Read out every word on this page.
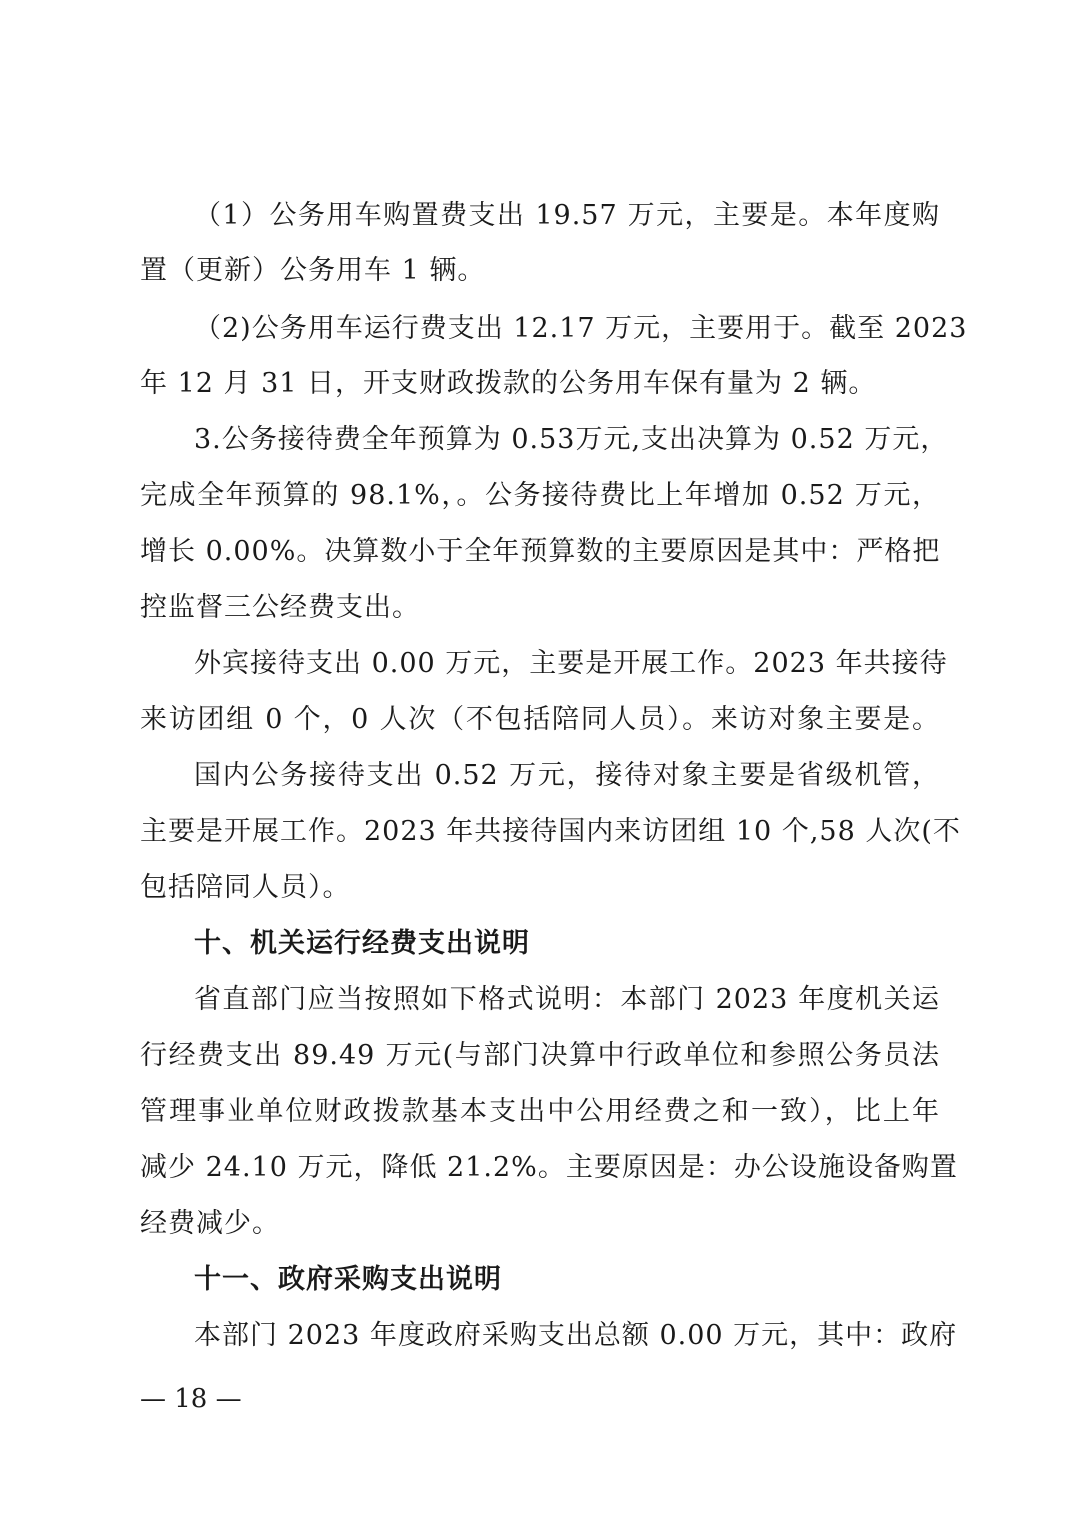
（1）公务用车购置费支出 19.57 万元，主要是。本年度购
置（更新）公务用车 1 辆。
（2)公务用车运行费支出 12.17 万元，主要用于。截至 2023
年 12 月 31 日，开支财政拨款的公务用车保有量为 2 辆。
3.公务接待费全年预算为 0.53万元,支出决算为 0.52 万元，
完成全年预算的 98.1%，。公务接待费比上年增加 0.52 万元，
增长 0.00%。决算数小于全年预算数的主要原因是其中：严格把
控监督三公经费支出。
外宾接待支出 0.00 万元，主要是开展工作。2023 年共接待
来访团组 0 个，0 人次（不包括陪同人员）。来访对象主要是。
国内公务接待支出 0.52 万元，接待对象主要是省级机管，
主要是开展工作。2023 年共接待国内来访团组 10 个,58 人次(不
包括陪同人员）。
十、机关运行经费支出说明
省直部门应当按照如下格式说明：本部门 2023 年度机关运
行经费支出 89.49 万元(与部门决算中行政单位和参照公务员法
管理事业单位财政拨款基本支出中公用经费之和一致），比上年
减少 24.10 万元，降低 21.2%。主要原因是：办公设施设备购置
经费减少。
十一、政府采购支出说明
本部门 2023 年度政府采购支出总额 0.00 万元，其中：政府
— 18 —
